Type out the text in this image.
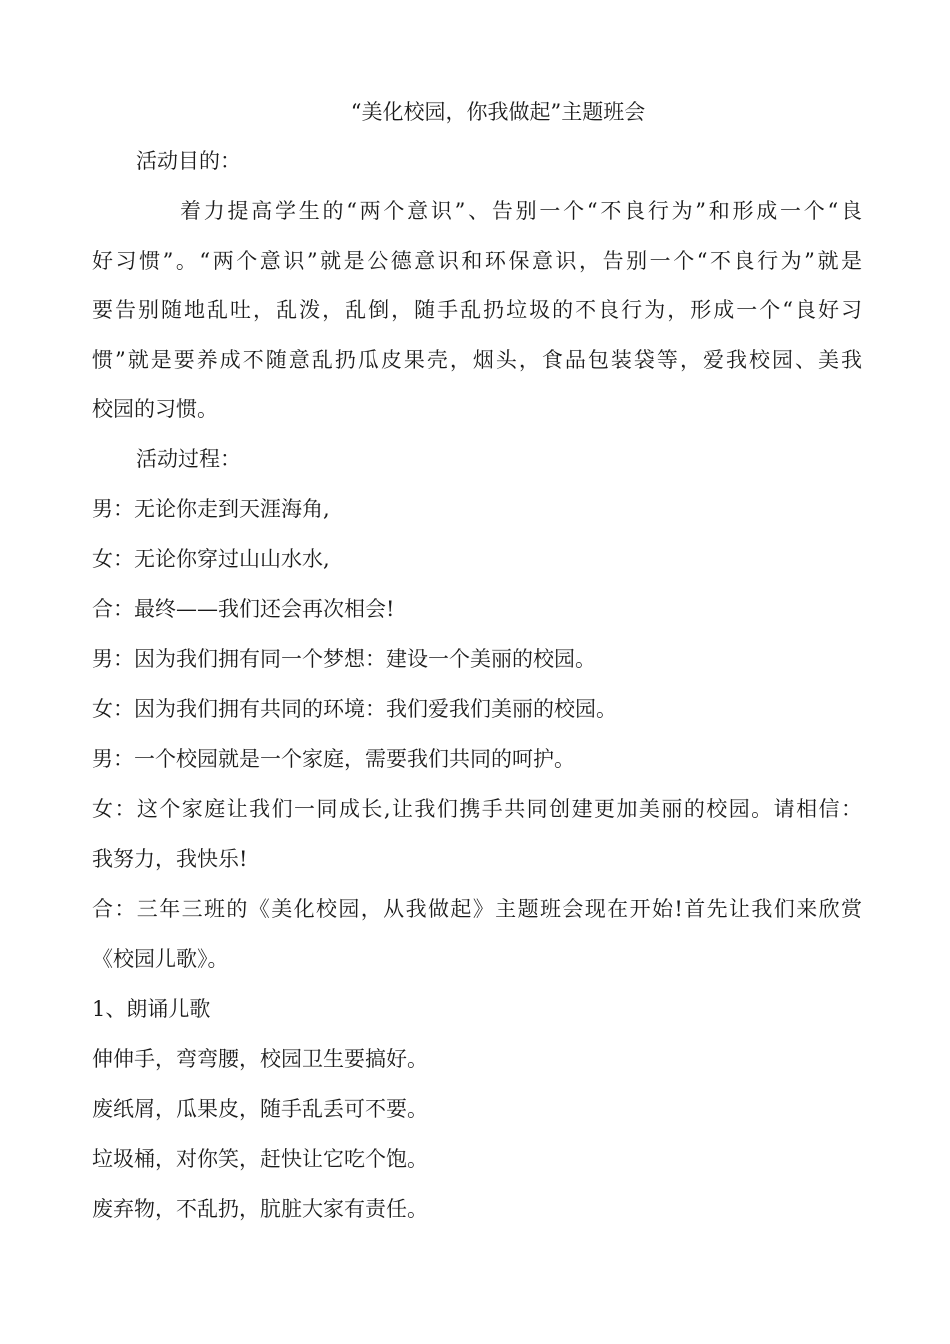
“美化校园，你我做起”主题班会
活动目的：
着力提高学生的“两个意识”、告别一个“不良行为”和形成一个“良
好习惯”。“两个意识”就是公德意识和环保意识，告别一个“不良行为”就是
要告别随地乱吐，乱泼，乱倒，随手乱扔垃圾的不良行为，形成一个“良好习
惯”就是要养成不随意乱扔瓜皮果壳，烟头，食品包装袋等，爱我校园、美我
校园的习惯。
活动过程：
男：无论你走到天涯海角,
女：无论你穿过山山水水,
合：最终——我们还会再次相会!
男：因为我们拥有同一个梦想：建设一个美丽的校园。
女：因为我们拥有共同的环境：我们爱我们美丽的校园。
男：一个校园就是一个家庭，需要我们共同的呵护。
女：这个家庭让我们一同成长,让我们携手共同创建更加美丽的校园。请相信：
我努力，我快乐!
合：三年三班的《美化校园，从我做起》主题班会现在开始!首先让我们来欣赏
《校园儿歌》。
1、朗诵儿歌
伸伸手，弯弯腰，校园卫生要搞好。
废纸屑，瓜果皮，随手乱丢可不要。
垃圾桶，对你笑，赶快让它吃个饱。
废弃物，不乱扔，肮脏大家有责任。
